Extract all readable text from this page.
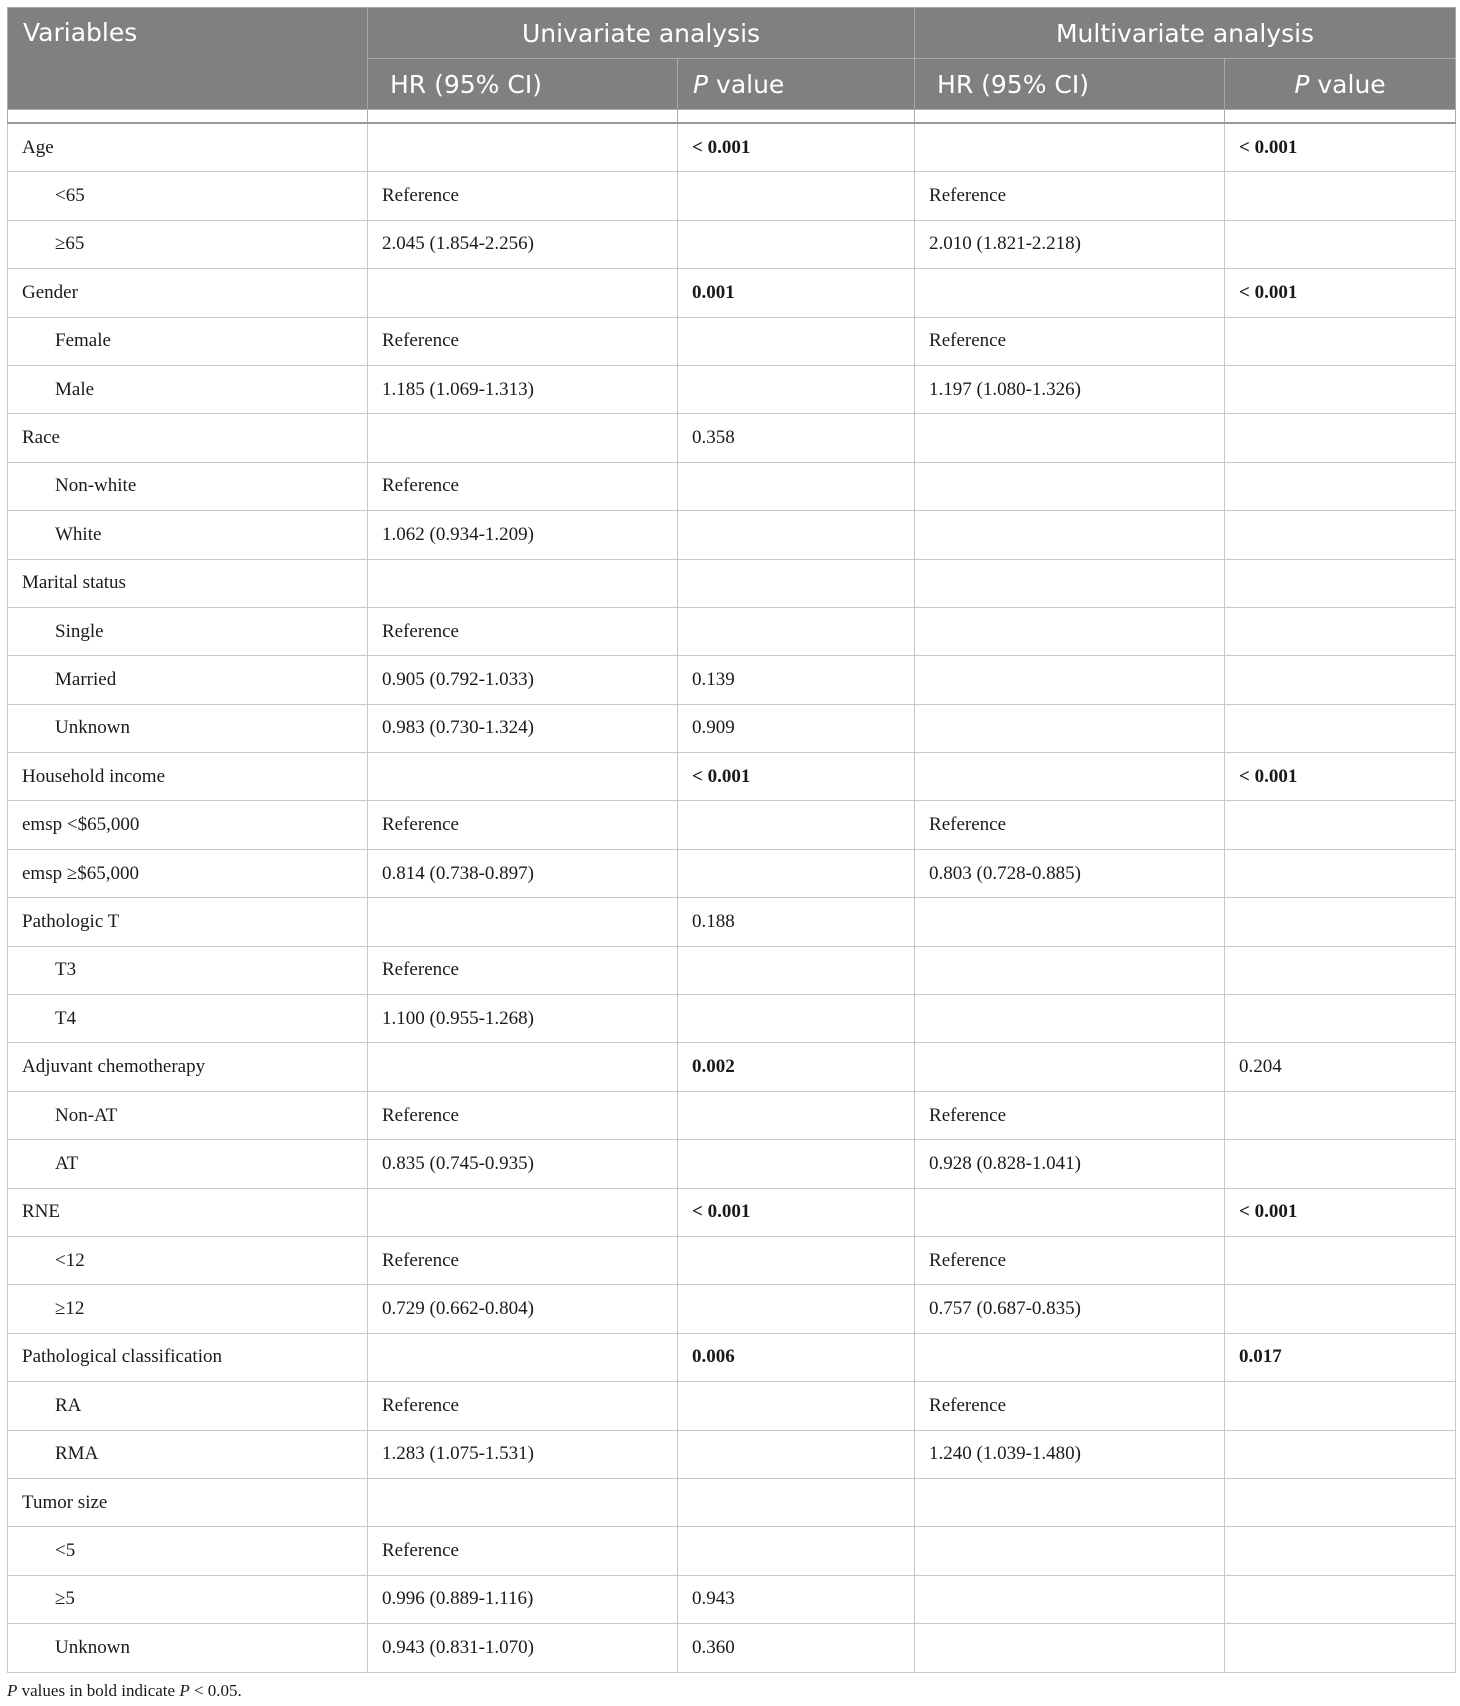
Variables	Univariate analysis		Multivariate analysis	
	HR (95% CI)	P value	HR (95% CI)	P value

Age		< 0.001		< 0.001
<65	Reference		Reference	
≥65	2.045 (1.854-2.256)		2.010 (1.821-2.218)	
Gender		0.001		< 0.001
Female	Reference		Reference	
Male	1.185 (1.069-1.313)		1.197 (1.080-1.326)	
Race		0.358		
Non-white	Reference			
White	1.062 (0.934-1.209)			
Marital status				
Single	Reference			
Married	0.905 (0.792-1.033)	0.139		
Unknown	0.983 (0.730-1.324)	0.909		
Household income		< 0.001		< 0.001
emsp <$65,000	Reference		Reference	
emsp ≥$65,000	0.814 (0.738-0.897)		0.803 (0.728-0.885)	
Pathologic T		0.188		
T3	Reference			
T4	1.100 (0.955-1.268)			
Adjuvant chemotherapy		0.002		0.204
Non-AT	Reference		Reference	
AT	0.835 (0.745-0.935)		0.928 (0.828-1.041)	
RNE		< 0.001		< 0.001
<12	Reference		Reference	
≥12	0.729 (0.662-0.804)		0.757 (0.687-0.835)	
Pathological classification		0.006		0.017
RA	Reference		Reference	
RMA	1.283 (1.075-1.531)		1.240 (1.039-1.480)	
Tumor size				
<5	Reference			
≥5	0.996 (0.889-1.116)	0.943		
Unknown	0.943 (0.831-1.070)	0.360		
P values in bold indicate P < 0.05.
